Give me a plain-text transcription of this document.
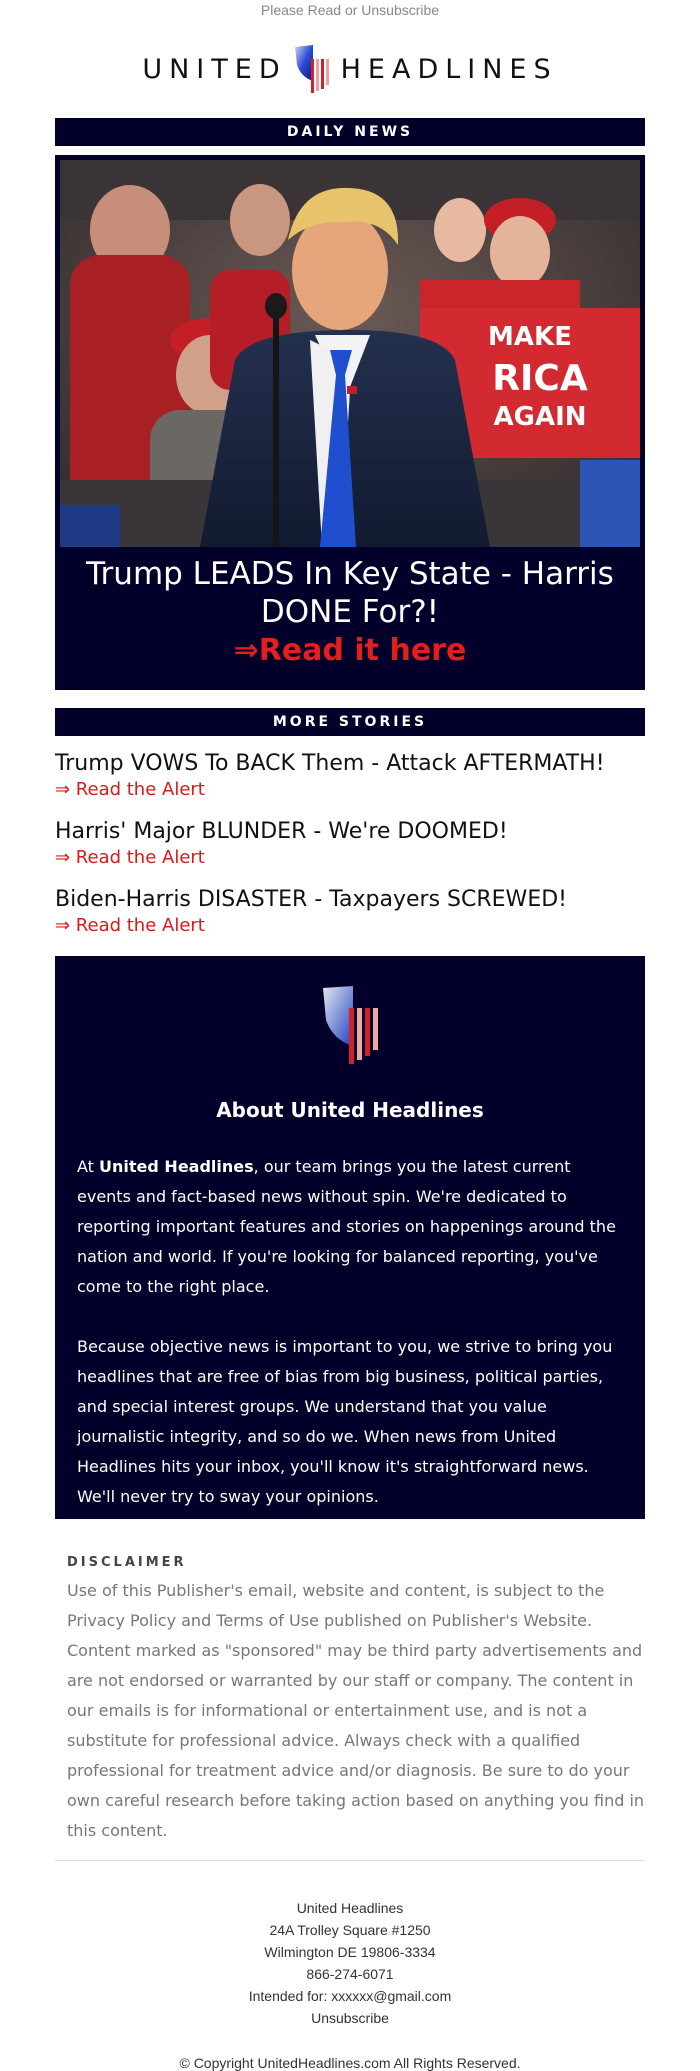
Please Read or Unsubscribe
UNITED HEADLINES
DAILY NEWS
MAKE
RICA
AGAIN
Trump LEADS In Key State - Harris DONE For?!
⇒Read it here
MORE STORIES
Trump VOWS To BACK Them - Attack AFTERMATH!
⇒ Read the Alert
Harris' Major BLUNDER - We're DOOMED!
⇒ Read the Alert
Biden-Harris DISASTER - Taxpayers SCREWED!
⇒ Read the Alert
About United Headlines

At United Headlines, our team brings you the latest current events and fact-based news without spin. We're dedicated to reporting important features and stories on happenings around the nation and world. If you're looking for balanced reporting, you've come to the right place.

Because objective news is important to you, we strive to bring you headlines that are free of bias from big business, political parties, and special interest groups. We understand that you value journalistic integrity, and so do we. When news from United Headlines hits your inbox, you'll know it's straightforward news. We'll never try to sway your opinions.

DISCLAIMER
Use of this Publisher's email, website and content, is subject to the Privacy Policy and Terms of Use published on Publisher's Website. Content marked as "sponsored" may be third party advertisements and are not endorsed or warranted by our staff or company. The content in our emails is for informational or entertainment use, and is not a substitute for professional advice. Always check with a qualified professional for treatment advice and/or diagnosis. Be sure to do your own careful research before taking action based on anything you find in this content.
United Headlines
24A Trolley Square #1250
Wilmington DE 19806-3334
866-274-6071
Intended for: xxxxxx@gmail.com
Unsubscribe
© Copyright UnitedHeadlines.com All Rights Reserved.
